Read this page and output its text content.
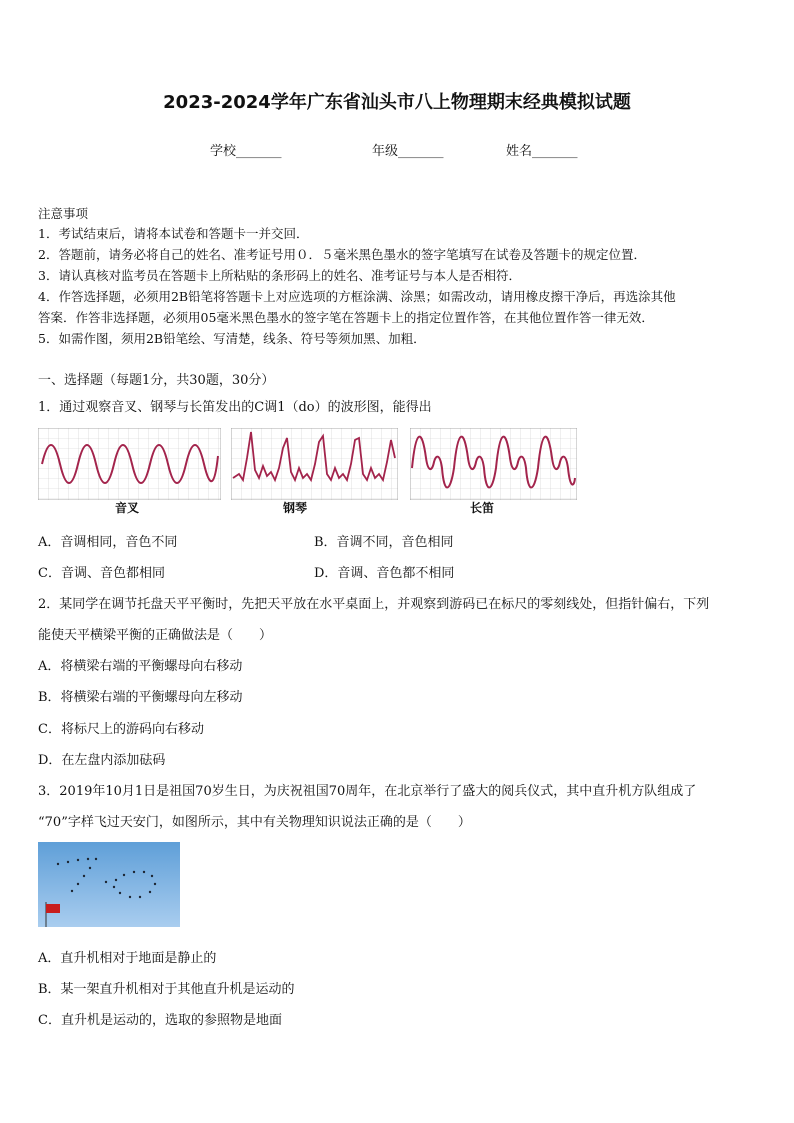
2023-2024学年广东省汕头市八上物理期末经典模拟试题
学校_______	年级_______	姓名_______
注意事项
1．考试结束后，请将本试卷和答题卡一并交回．
2．答题前，请务必将自己的姓名、准考证号用０．５毫米黑色墨水的签字笔填写在试卷及答题卡的规定位置．
3．请认真核对监考员在答题卡上所粘贴的条形码上的姓名、准考证号与本人是否相符．
4．作答选择题，必须用2B铅笔将答题卡上对应选项的方框涂满、涂黑；如需改动，请用橡皮擦干净后，再选涂其他
答案．作答非选择题，必须用05毫米黑色墨水的签字笔在答题卡上的指定位置作答，在其他位置作答一律无效．
5．如需作图，须用2B铅笔绘、写清楚，线条、符号等须加黑、加粗．
一、选择题（每题1分，共30题，30分）
1．通过观察音叉、钢琴与长笛发出的C调1（do）的波形图，能得出
音叉	钢琴	长笛
A．音调相同，音色不同	B．音调不同，音色相同
C．音调、音色都相同	D．音调、音色都不相同
2．某同学在调节托盘天平平衡时，先把天平放在水平桌面上，并观察到游码已在标尺的零刻线处，但指针偏右，下列
能使天平横梁平衡的正确做法是（　　）
A．将横梁右端的平衡螺母向右移动
B．将横梁右端的平衡螺母向左移动
C．将标尺上的游码向右移动
D．在左盘内添加砝码
3．2019年10月1日是祖国70岁生日，为庆祝祖国70周年，在北京举行了盛大的阅兵仪式，其中直升机方队组成了
“70”字样飞过天安门，如图所示，其中有关物理知识说法正确的是（　　）
A．直升机相对于地面是静止的
B．某一架直升机相对于其他直升机是运动的
C．直升机是运动的，选取的参照物是地面
